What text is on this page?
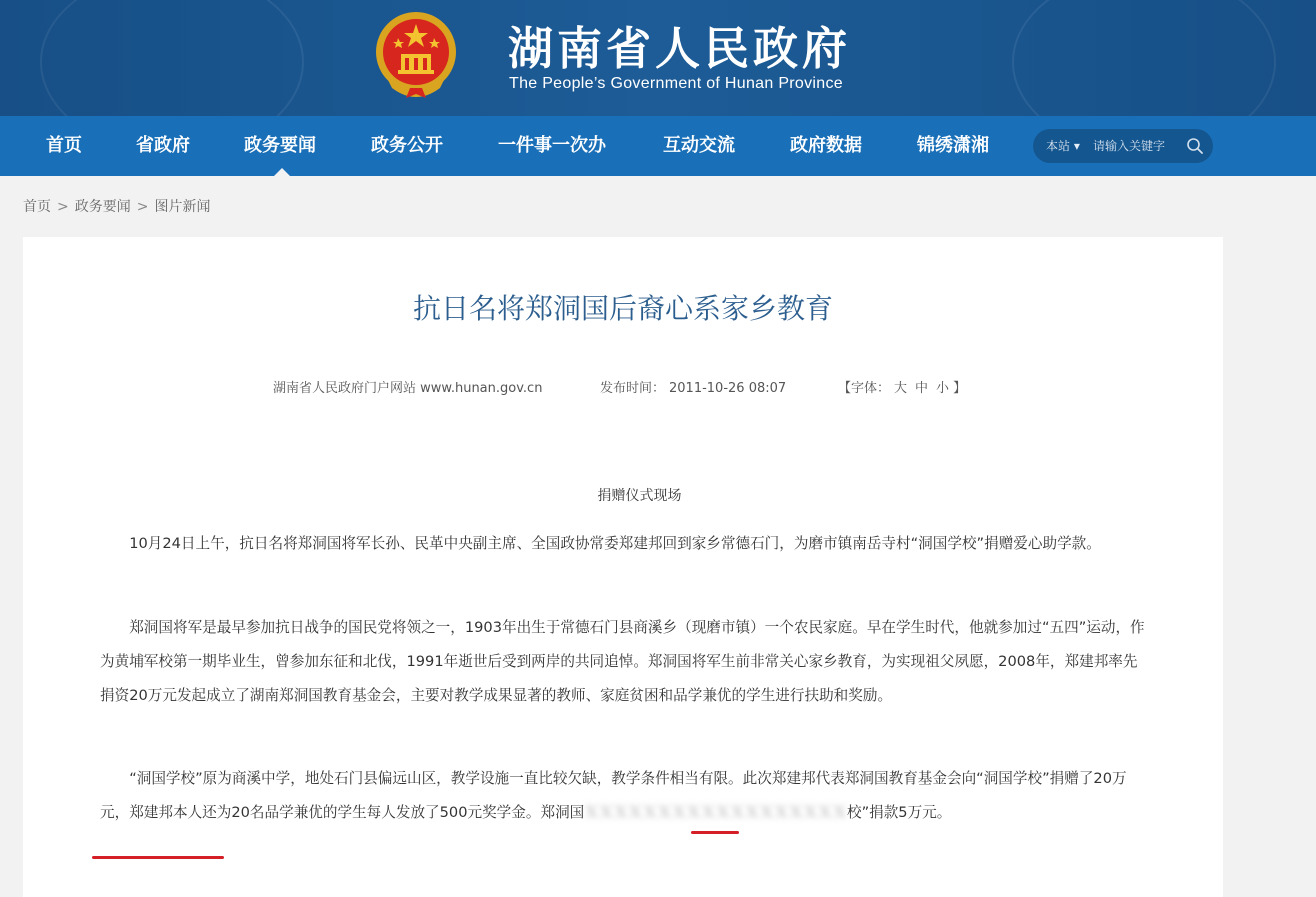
湖南省人民政府
The People’s Government of Hunan Province
首页	省政府	政务要闻	政务公开	一件事一次办	互动交流	政府数据	锦绣潇湘	本站 ▾
请输入关键字
首页 > 政务要闻 > 图片新闻
抗日名将郑洞国后裔心系家乡教育
湖南省人民政府门户网站 www.hunan.gov.cn	发布时间： 2011-10-26 08:07	【字体： 大 中 小 】
捐赠仪式现场

10月24日上午，抗日名将郑洞国将军长孙、民革中央副主席、全国政协常委郑建邦回到家乡常德石门，为磨市镇南岳寺村“洞国学校”捐赠爱心助学款。

郑洞国将军是最早参加抗日战争的国民党将领之一，1903年出生于常德石门县商溪乡（现磨市镇）一个农民家庭。早在学生时代，他就参加过“五四”运动，作为黄埔军校第一期毕业生，曾参加东征和北伐，1991年逝世后受到两岸的共同追悼。郑洞国将军生前非常关心家乡教育，为实现祖父夙愿，2008年，郑建邦率先捐资20万元发起成立了湖南郑洞国教育基金会，主要对教学成果显著的教师、家庭贫困和品学兼优的学生进行扶助和奖励。

“洞国学校”原为商溪中学，地处石门县偏远山区，教学设施一直比较欠缺，教学条件相当有限。此次郑建邦代表郑洞国教育基金会向“洞国学校”捐赠了20万元，郑建邦本人还为20名品学兼优的学生每人发放了500元奖学金。郑洞国ＸＸＸＸＸＸＸＸＸＸＸＸＸＸＸＸＸＸ校”捐款5万元。
